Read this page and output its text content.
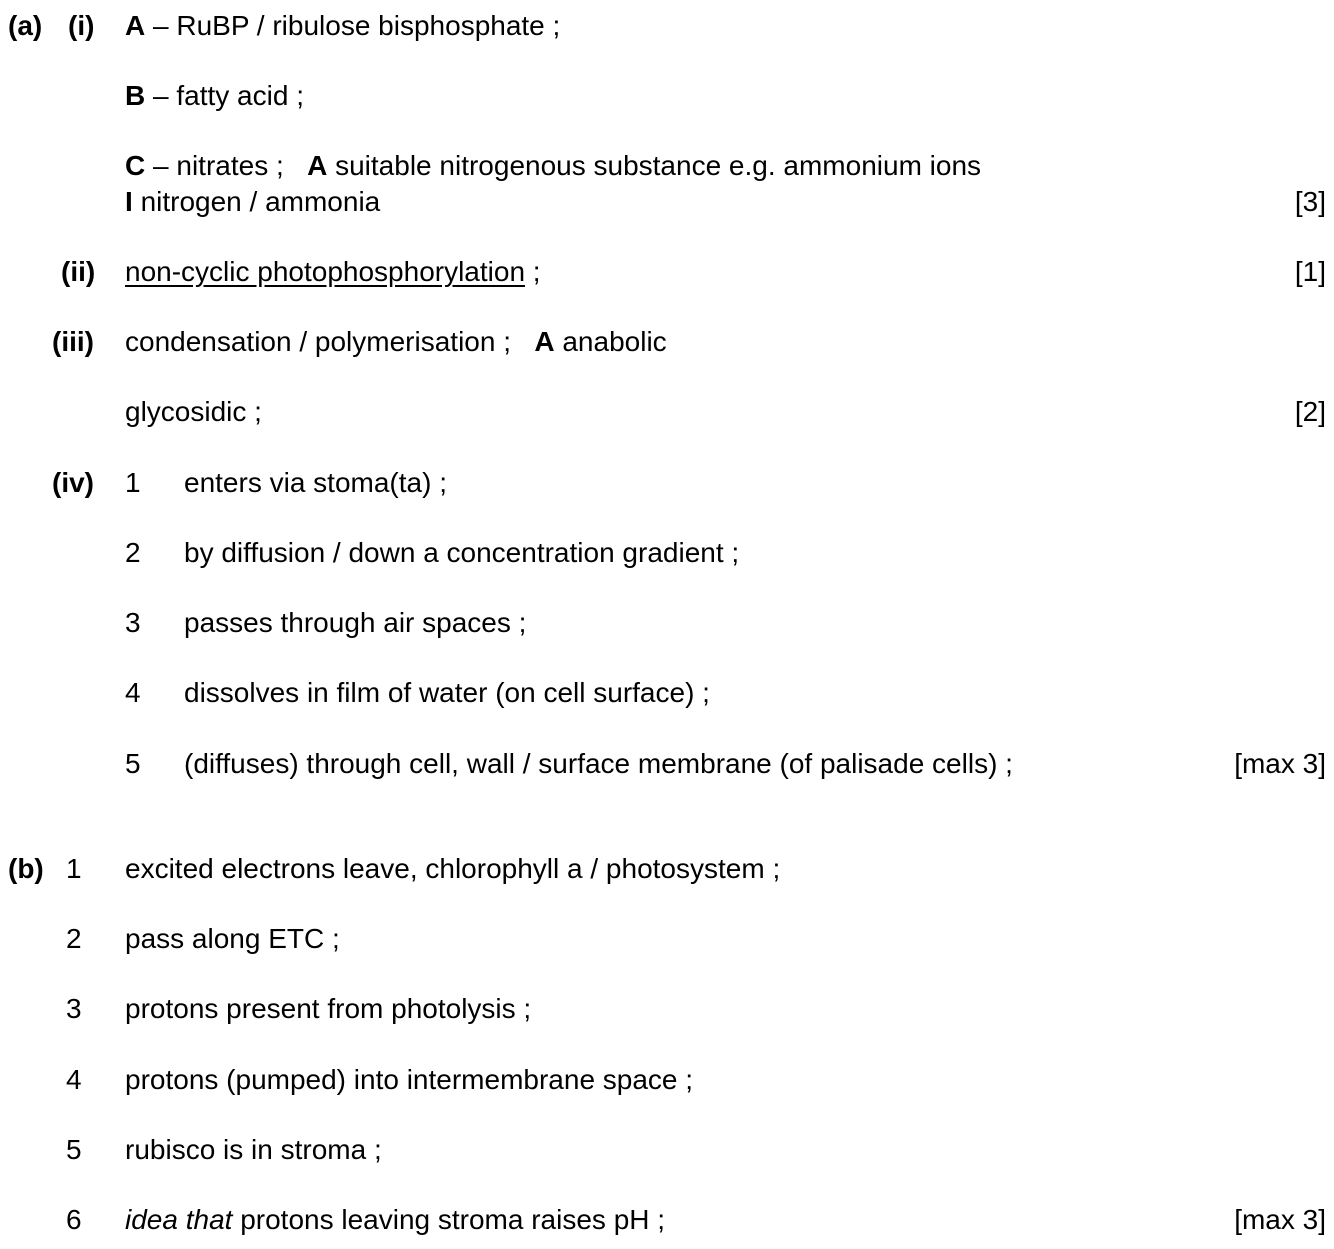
(a) (i) A – RuBP / ribulose bisphosphate ;
B – fatty acid ;
C – nitrates ; A suitable nitrogenous substance e.g. ammonium ions
I nitrogen / ammonia	[3]
(ii) non-cyclic photophosphorylation ;	[1]
(iii) condensation / polymerisation ; A anabolic
glycosidic ;	[2]
(iv) 1 enters via stoma(ta) ;
2 by diffusion / down a concentration gradient ;
3 passes through air spaces ;
4 dissolves in film of water (on cell surface) ;
5 (diffuses) through cell, wall / surface membrane (of palisade cells) ;	[max 3]
(b) 1 excited electrons leave, chlorophyll a / photosystem ;
2 pass along ETC ;
3 protons present from photolysis ;
4 protons (pumped) into intermembrane space ;
5 rubisco is in stroma ;
6 idea that protons leaving stroma raises pH ;	[max 3]
